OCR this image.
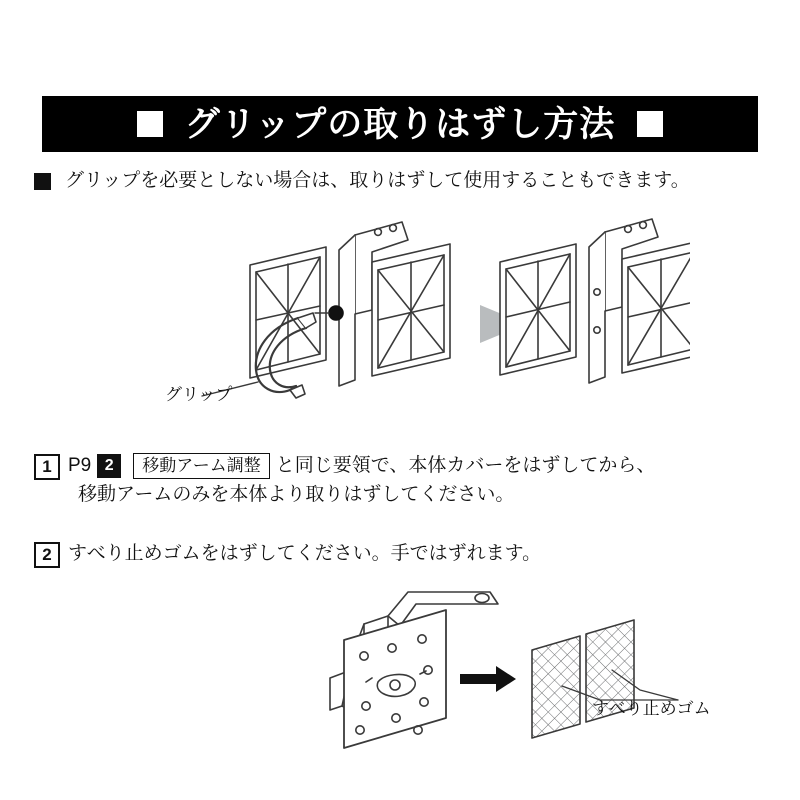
グリップの取りはずし方法
グリップを必要としない場合は、取りはずして使用することもできます。
グリップ
1 P9 2	移動アーム調整 と同じ要領で、本体カバーをはずしてから、
移動アームのみを本体より取りはずしてください。
2 すべり止めゴムをはずしてください。手ではずれます。
すべり止めゴム
